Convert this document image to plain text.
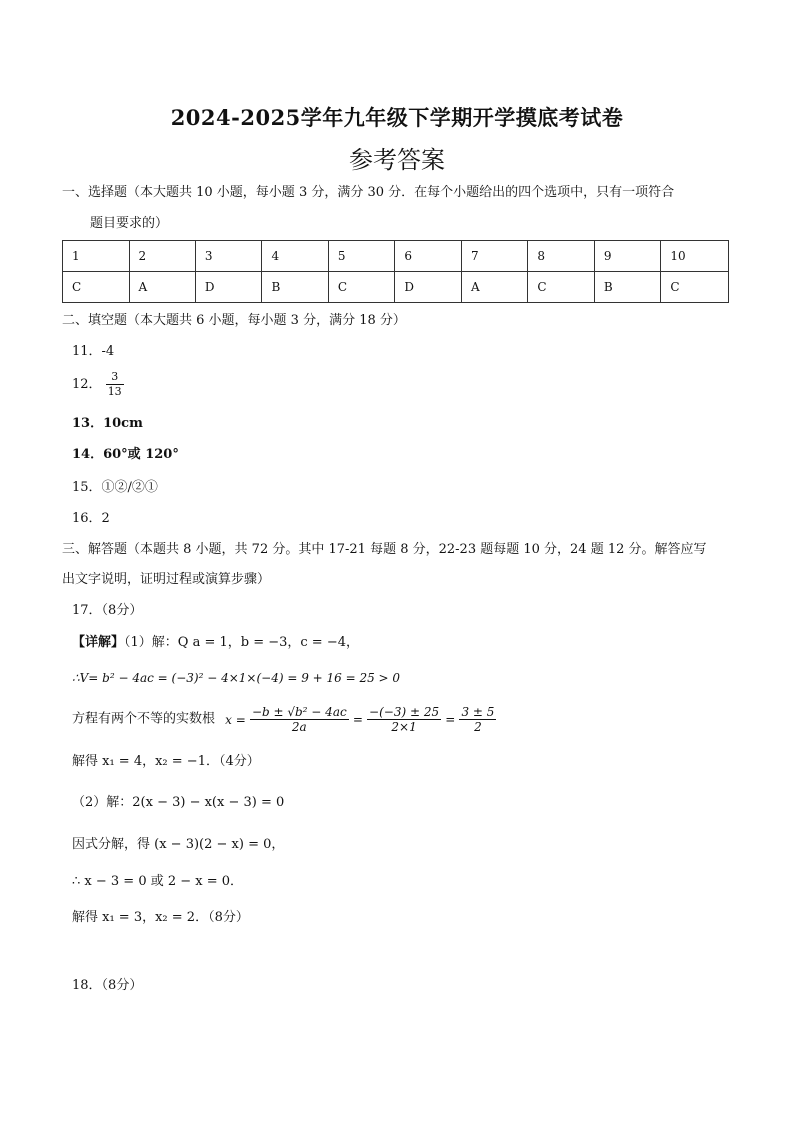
2024-2025学年九年级下学期开学摸底考试卷
参考答案
一、选择题（本大题共 10 小题，每小题 3 分，满分 30 分．在每个小题给出的四个选项中，只有一项符合
题目要求的）
1	2	3	4	5	6	7	8	9	10
C	A	D	B	C	D	A	C	B	C
二、填空题（本大题共 6 小题，每小题 3 分，满分 18 分）
11．-4
12． $\frac{3}{13}$
13．10cm
14．60°或 120°
15．①②/②①
16．2
三、解答题（本题共 8 小题，共 72 分。其中 17-21 每题 8 分，22-23 题每题 10 分，24 题 12 分。解答应写
出文字说明，证明过程或演算步骤）
17．（8分）
【详解】（1）解：Q a = 1，b = −3，c = −4，
∴V= b² − 4ac = (−3)² − 4×1×(−4) = 9 + 16 = 25 > 0
方程有两个不等的实数根 $x = \frac{\text{−b ± √b² − 4ac}}{2a} = \frac{-(-3) \pm 25}{2\times 1} = \frac{3 \pm 5}{2}$
解得 x₁ = 4，x₂ = −1．（4分）
（2）解：2(x − 3) − x(x − 3) = 0
因式分解，得 (x − 3)(2 − x) = 0，
∴ x − 3 = 0 或 2 − x = 0．
解得 x₁ = 3，x₂ = 2．（8分）
18．（8分）
